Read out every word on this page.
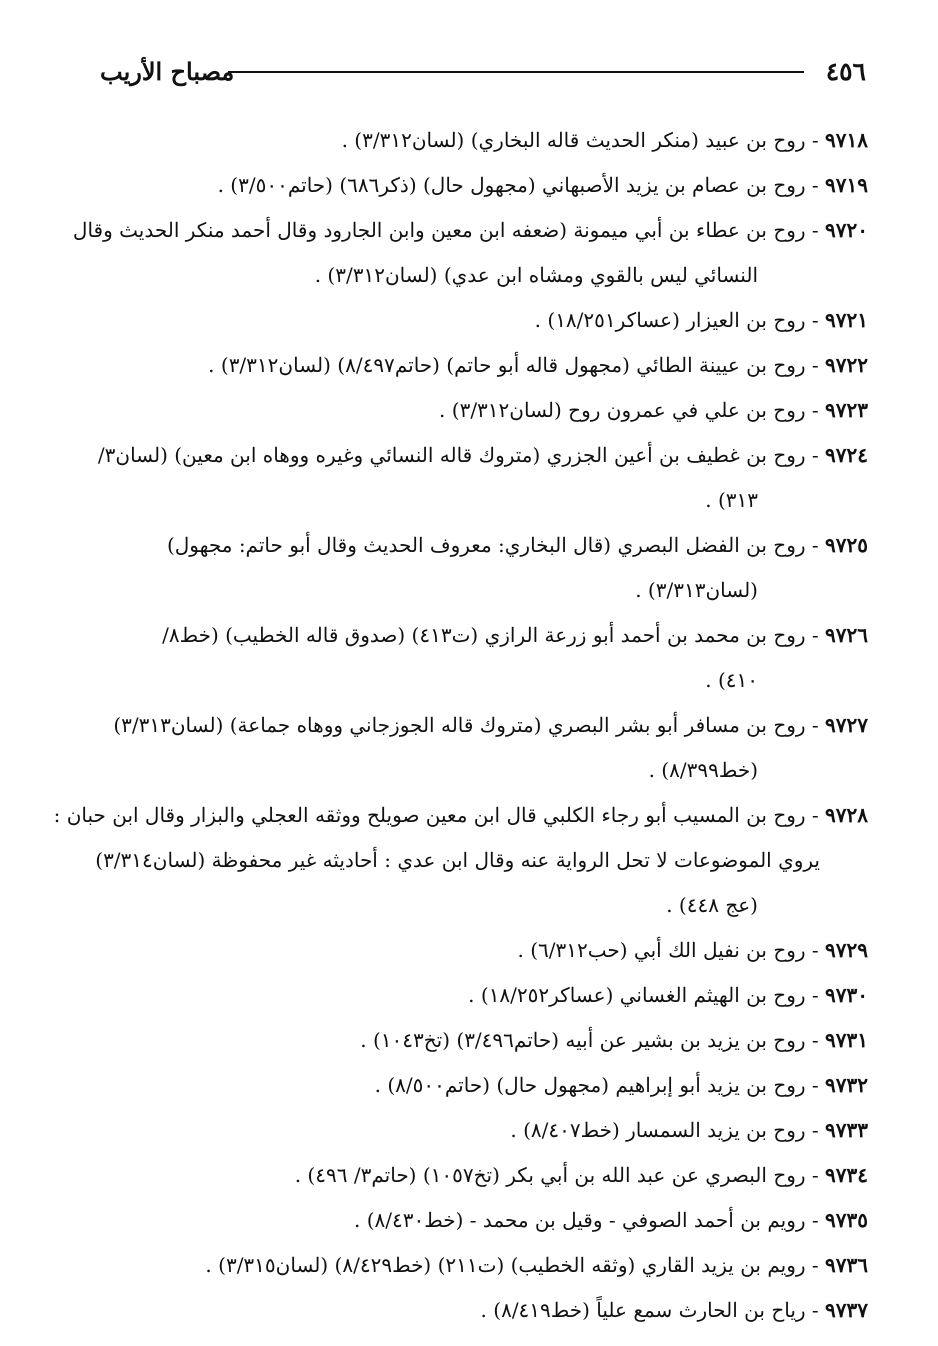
٤٥٦
مصباح الأريب
٩٧١٨ - روح بن عبيد (منكر الحديث قاله البخاري) (لسان٣/٣١٢) .
٩٧١٩ - روح بن عصام بن يزيد الأصبهاني (مجهول حال) (ذكر٦٨٦) (حاتم٣/٥٠٠) .
٩٧٢٠ - روح بن عطاء بن أبي ميمونة (ضعفه ابن معين وابن الجارود وقال أحمد منكر الحديث وقال
النسائي ليس بالقوي ومشاه ابن عدي) (لسان٣/٣١٢) .
٩٧٢١ - روح بن العيزار (عساكر١٨/٢٥١) .
٩٧٢٢ - روح بن عيينة الطائي (مجهول قاله أبو حاتم) (حاتم٨/٤٩٧) (لسان٣/٣١٢) .
٩٧٢٣ - روح بن علي في عمرون روح (لسان٣/٣١٢) .
٩٧٢٤ - روح بن غطيف بن أعين الجزري (متروك قاله النسائي وغيره ووهاه ابن معين) (لسان٣/
٣١٣) .
٩٧٢٥ - روح بن الفضل البصري (قال البخاري: معروف الحديث وقال أبو حاتم: مجهول)
(لسان٣/٣١٣) .
٩٧٢٦ - روح بن محمد بن أحمد أبو زرعة الرازي (ت٤١٣) (صدوق قاله الخطيب) (خط٨/
٤١٠) .
٩٧٢٧ - روح بن مسافر أبو بشر البصري (متروك قاله الجوزجاني ووهاه جماعة) (لسان٣/٣١٣)
(خط٨/٣٩٩) .
٩٧٢٨ - روح بن المسيب أبو رجاء الكلبي قال ابن معين صويلح ووثقه العجلي والبزار وقال ابن حبان :
يروي الموضوعات لا تحل الرواية عنه وقال ابن عدي : أحاديثه غير محفوظة (لسان٣/٣١٤)
(عج ٤٤٨) .
٩٧٢٩ - روح بن نفيل الك أبي (حب٦/٣١٢) .
٩٧٣٠ - روح بن الهيثم الغساني (عساكر١٨/٢٥٢) .
٩٧٣١ - روح بن يزيد بن بشير عن أبيه (حاتم٣/٤٩٦) (تخ١٠٤٣) .
٩٧٣٢ - روح بن يزيد أبو إبراهيم (مجهول حال) (حاتم٨/٥٠٠) .
٩٧٣٣ - روح بن يزيد السمسار (خط٨/٤٠٧) .
٩٧٣٤ - روح البصري عن عبد الله بن أبي بكر (تخ١٠٥٧) (حاتم٣/ ٤٩٦) .
٩٧٣٥ - رويم بن أحمد الصوفي - وقيل بن محمد - (خط٨/٤٣٠) .
٩٧٣٦ - رويم بن يزيد القاري (وثقه الخطيب) (ت٢١١) (خط٨/٤٢٩) (لسان٣/٣١٥) .
٩٧٣٧ - رياح بن الحارث سمع علياً (خط٨/٤١٩) .
